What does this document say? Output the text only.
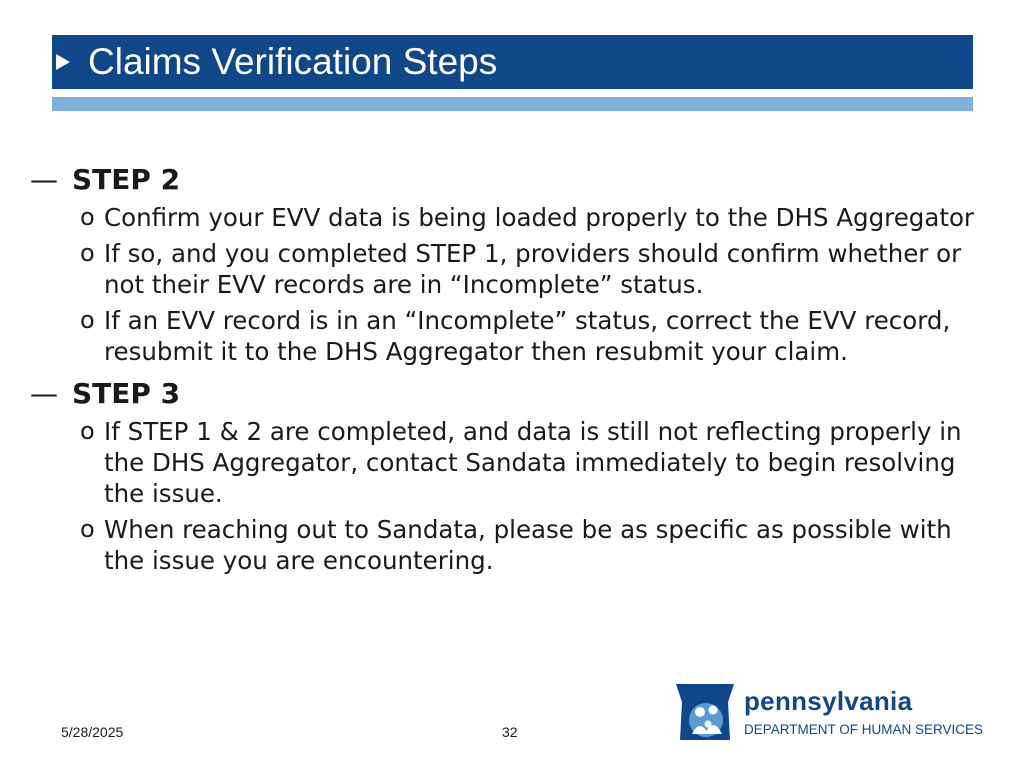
Claims Verification Steps
— STEP 2
o Confirm your EVV data is being loaded properly to the DHS Aggregator
o If so, and you completed STEP 1, providers should confirm whether or not their EVV records are in “Incomplete” status.
o If an EVV record is in an “Incomplete” status, correct the EVV record, resubmit it to the DHS Aggregator then resubmit your claim.
— STEP 3
o If STEP 1 & 2 are completed, and data is still not reflecting properly in the DHS Aggregator, contact Sandata immediately to begin resolving the issue.
o When reaching out to Sandata, please be as specific as possible with the issue you are encountering.
5/28/2025	32
pennsylvania
DEPARTMENT OF HUMAN SERVICES
